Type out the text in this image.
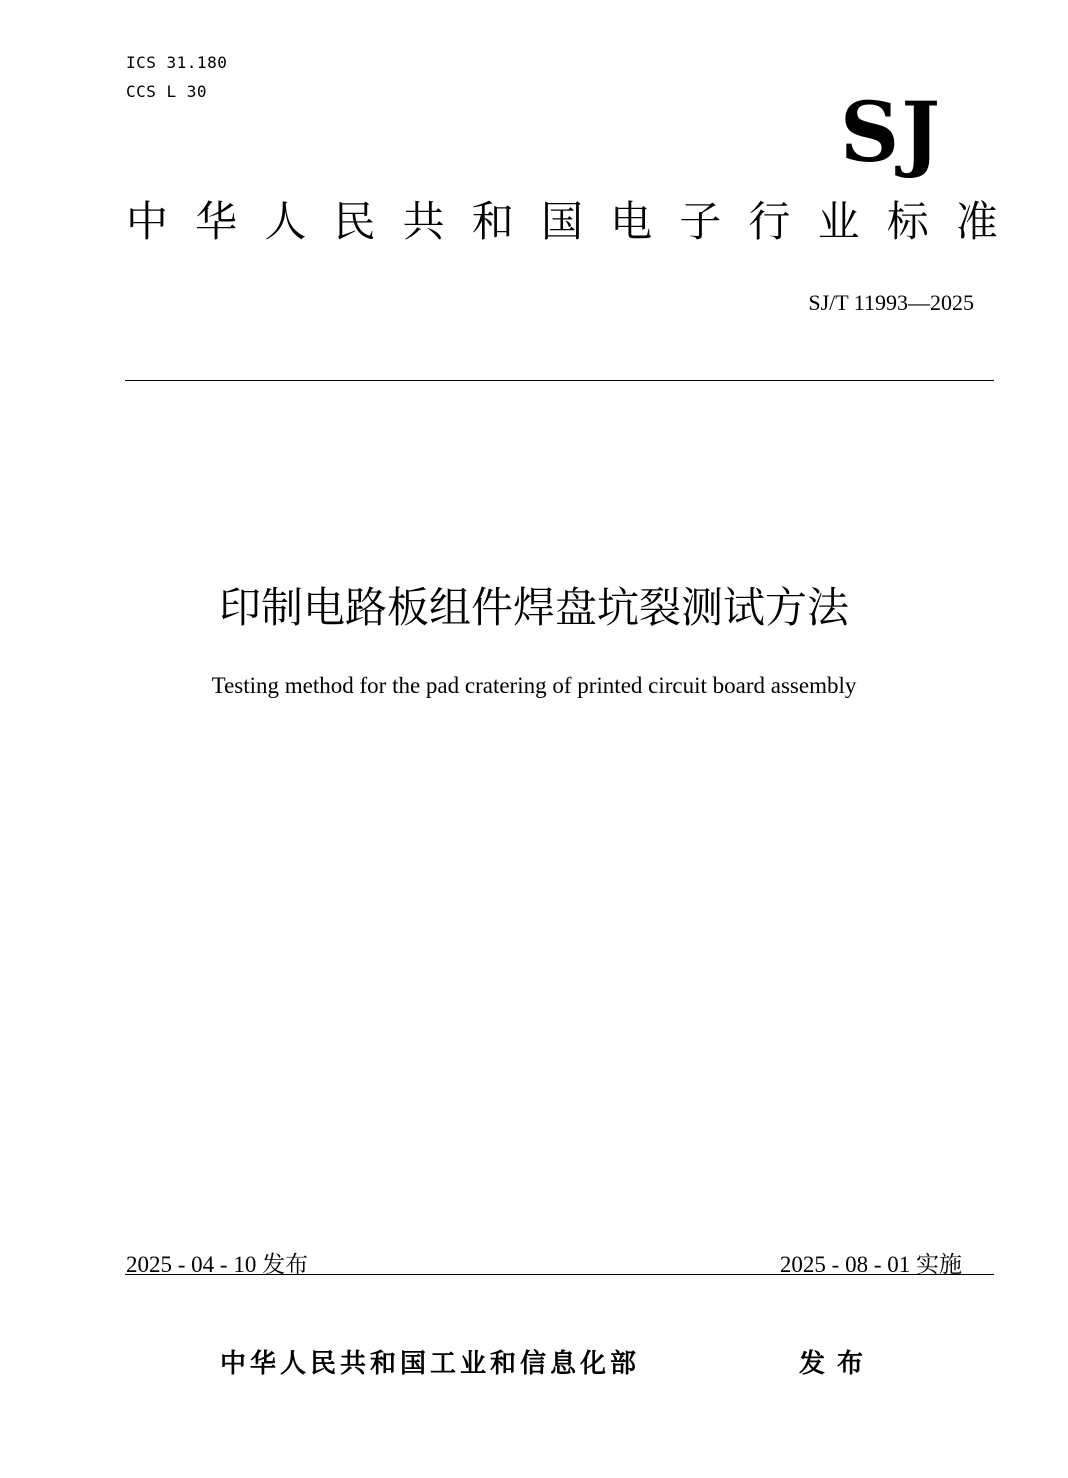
ICS 31.180
CCS L 30	SJ
中 华 人 民 共 和 国 电 子 行 业 标 准
SJ/T 11993—2025
印制电路板组件焊盘坑裂测试方法
Testing method for the pad cratering of printed circuit board assembly
2025 - 04 - 10 发布	2025 - 08 - 01 实施
中华人民共和国工业和信息化部	发布
